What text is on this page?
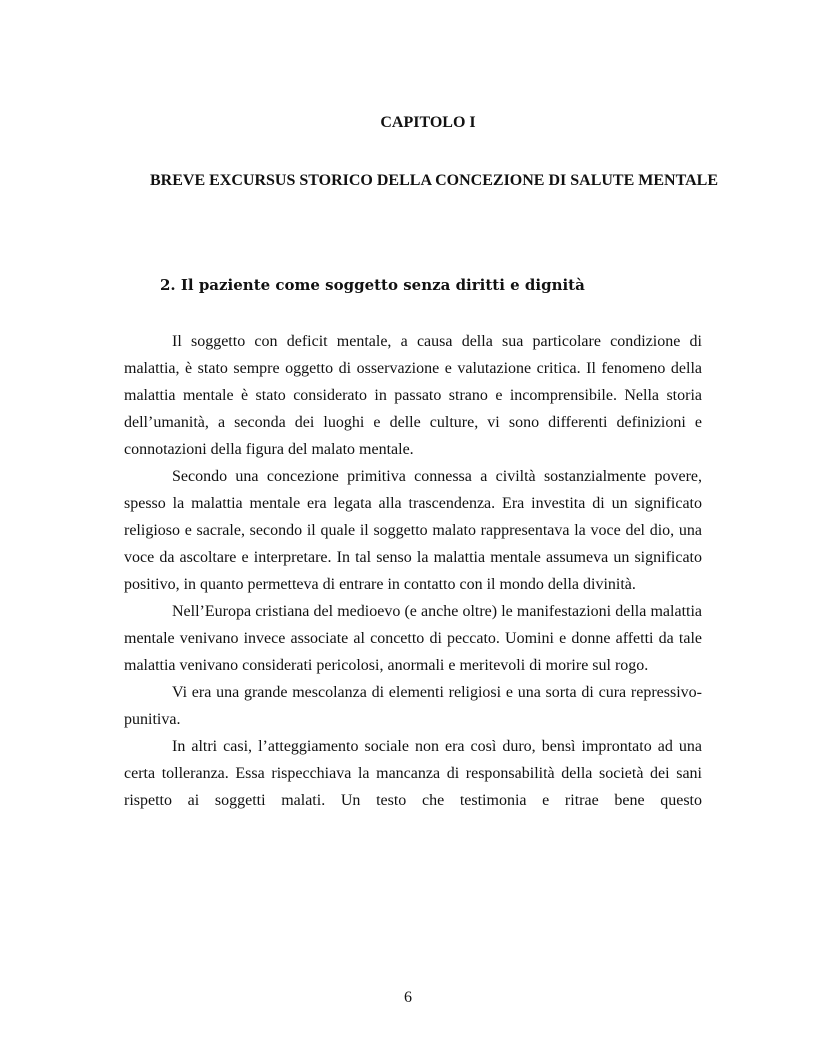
CAPITOLO I
BREVE EXCURSUS STORICO DELLA CONCEZIONE DI SALUTE MENTALE
2. Il paziente come soggetto senza diritti e dignità

Il soggetto con deficit mentale, a causa della sua particolare condizione di malattia, è stato sempre oggetto di osservazione e valutazione critica. Il fenomeno della malattia mentale è stato considerato in passato strano e incomprensibile. Nella storia dell’umanità, a seconda dei luoghi e delle culture, vi sono differenti definizioni e connotazioni della figura del malato mentale.

Secondo una concezione primitiva connessa a civiltà sostanzialmente povere, spesso la malattia mentale era legata alla trascendenza. Era investita di un significato religioso e sacrale, secondo il quale il soggetto malato rappresentava la voce del dio, una voce da ascoltare e interpretare. In tal senso la malattia mentale assumeva un significato positivo, in quanto permetteva di entrare in contatto con il mondo della divinità.

Nell’Europa cristiana del medioevo (e anche oltre) le manifestazioni della malattia mentale venivano invece associate al concetto di peccato. Uomini e donne affetti da tale malattia venivano considerati pericolosi, anormali e meritevoli di morire sul rogo.

Vi era una grande mescolanza di elementi religiosi e una sorta di cura repressivo-punitiva.

In altri casi, l’atteggiamento sociale non era così duro, bensì improntato ad una certa tolleranza. Essa rispecchiava la mancanza di responsabilità della società dei sani rispetto ai soggetti malati. Un testo che testimonia e ritrae bene questo

6
